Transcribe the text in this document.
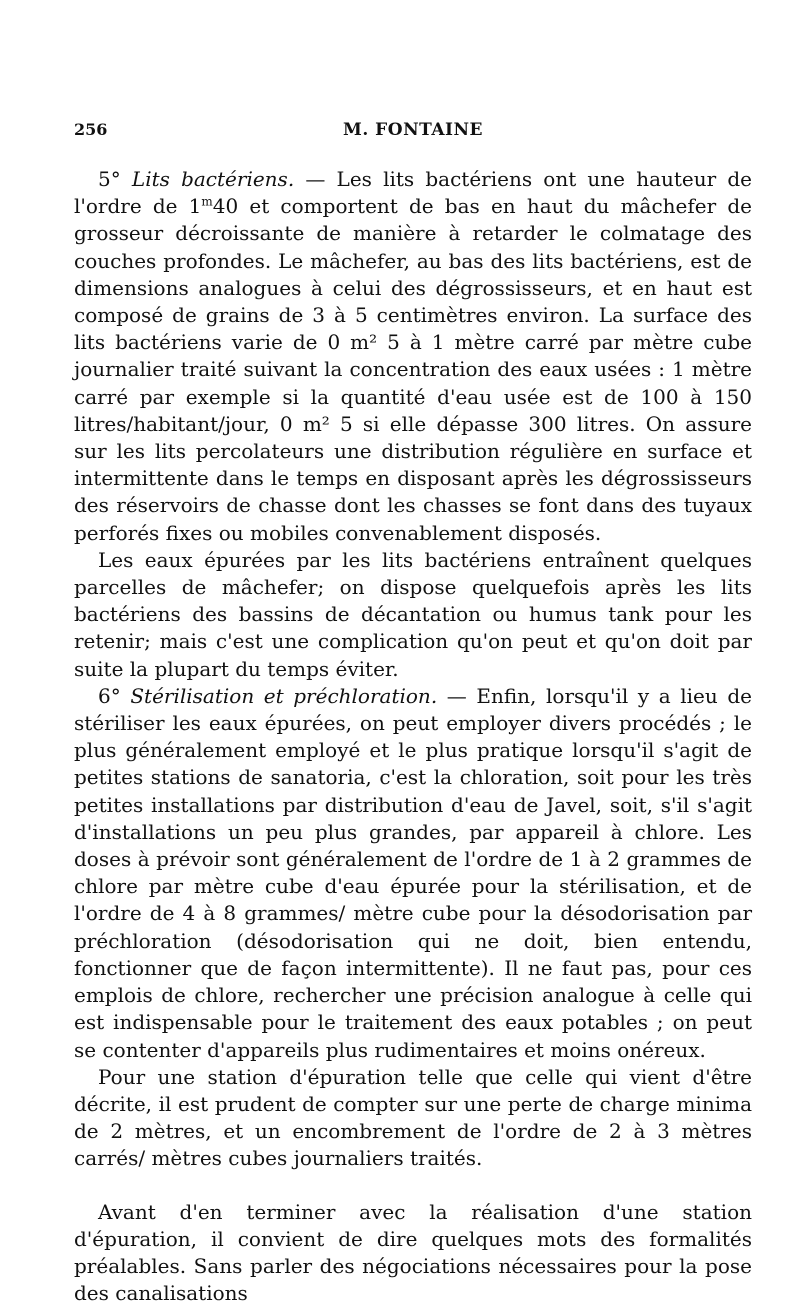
256	M. FONTAINE

5° Lits bactériens. — Les lits bactériens ont une hauteur de l'ordre de 1$^m$40 et comportent de bas en haut du mâchefer de grosseur décroissante de manière à retarder le colmatage des couches profondes. Le mâchefer, au bas des lits bactériens, est de dimensions analogues à celui des dégrossisseurs, et en haut est composé de grains de 3 à 5 centimètres environ. La surface des lits bactériens varie de 0 m² 5 à 1 mètre carré par mètre cube journalier traité suivant la concentration des eaux usées : 1 mètre carré par exemple si la quantité d'eau usée est de 100 à 150 litres/habitant/jour, 0 m² 5 si elle dépasse 300 litres. On assure sur les lits percolateurs une distribution régulière en surface et intermittente dans le temps en disposant après les dégrossisseurs des réservoirs de chasse dont les chasses se font dans des tuyaux perforés fixes ou mobiles convenablement disposés.

Les eaux épurées par les lits bactériens entraînent quelques parcelles de mâchefer; on dispose quelquefois après les lits bactériens des bassins de décantation ou humus tank pour les retenir; mais c'est une complication qu'on peut et qu'on doit par suite la plupart du temps éviter.

6° Stérilisation et préchloration. — Enfin, lorsqu'il y a lieu de stériliser les eaux épurées, on peut employer divers procédés ; le plus généralement employé et le plus pratique lorsqu'il s'agit de petites stations de sanatoria, c'est la chloration, soit pour les très petites installations par distribution d'eau de Javel, soit, s'il s'agit d'installations un peu plus grandes, par appareil à chlore. Les doses à prévoir sont généralement de l'ordre de 1 à 2 grammes de chlore par mètre cube d'eau épurée pour la stérilisation, et de l'ordre de 4 à 8 grammes/ mètre cube pour la désodorisation par préchloration (désodorisation qui ne doit, bien entendu, fonctionner que de façon intermittente). Il ne faut pas, pour ces emplois de chlore, rechercher une précision analogue à celle qui est indispensable pour le traitement des eaux potables ; on peut se contenter d'appareils plus rudimentaires et moins onéreux.

Pour une station d'épuration telle que celle qui vient d'être décrite, il est prudent de compter sur une perte de charge minima de 2 mètres, et un encombrement de l'ordre de 2 à 3 mètres carrés/ mètres cubes journaliers traités.

Avant d'en terminer avec la réalisation d'une station d'épuration, il convient de dire quelques mots des formalités préalables. Sans parler des négociations nécessaires pour la pose des canalisations
